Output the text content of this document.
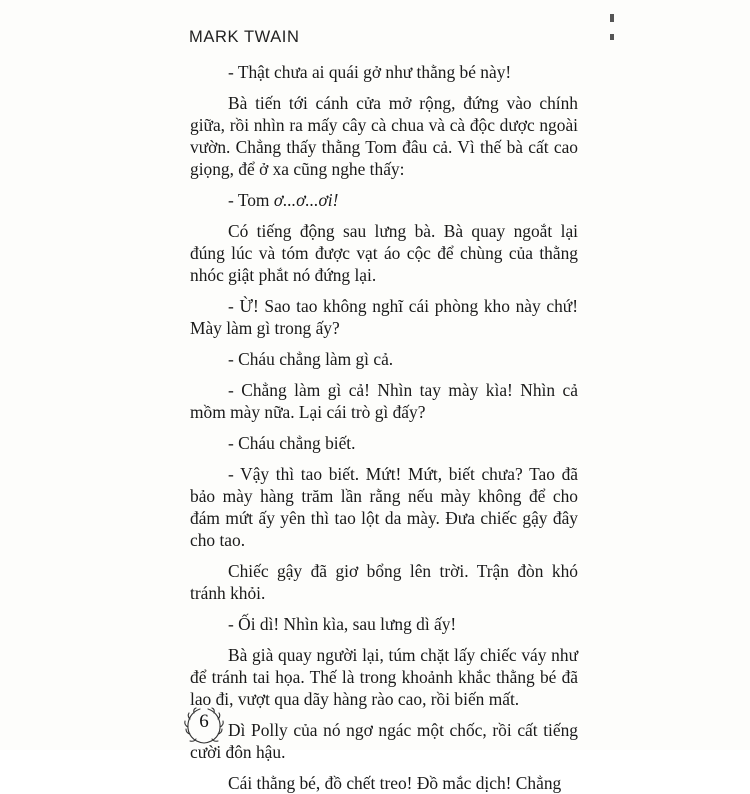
MARK TWAIN

- Thật chưa ai quái gở như thằng bé này!

Bà tiến tới cánh cửa mở rộng, đứng vào chính giữa, rồi nhìn ra mấy cây cà chua và cà độc dược ngoài vườn. Chẳng thấy thằng Tom đâu cả. Vì thế bà cất cao giọng, để ở xa cũng nghe thấy:

- Tom ơ...ơ...ơi!

Có tiếng động sau lưng bà. Bà quay ngoắt lại đúng lúc và tóm được vạt áo cộc để chùng của thằng nhóc giật phắt nó đứng lại.

- Ừ! Sao tao không nghĩ cái phòng kho này chứ! Mày làm gì trong ấy?

- Cháu chẳng làm gì cả.

- Chẳng làm gì cả! Nhìn tay mày kìa! Nhìn cả mồm mày nữa. Lại cái trò gì đấy?

- Cháu chẳng biết.

- Vậy thì tao biết. Mứt! Mứt, biết chưa? Tao đã bảo mày hàng trăm lần rằng nếu mày không để cho đám mứt ấy yên thì tao lột da mày. Đưa chiếc gậy đây cho tao.

Chiếc gậy đã giơ bổng lên trời. Trận đòn khó tránh khỏi.

- Ối dì! Nhìn kìa, sau lưng dì ấy!

Bà già quay người lại, túm chặt lấy chiếc váy như để tránh tai họa. Thế là trong khoảnh khắc thằng bé đã lao đi, vượt qua dãy hàng rào cao, rồi biến mất.

Dì Polly của nó ngơ ngác một chốc, rồi cất tiếng cười đôn hậu.

Cái thằng bé, đồ chết treo! Đồ mắc dịch! Chẳng

6
